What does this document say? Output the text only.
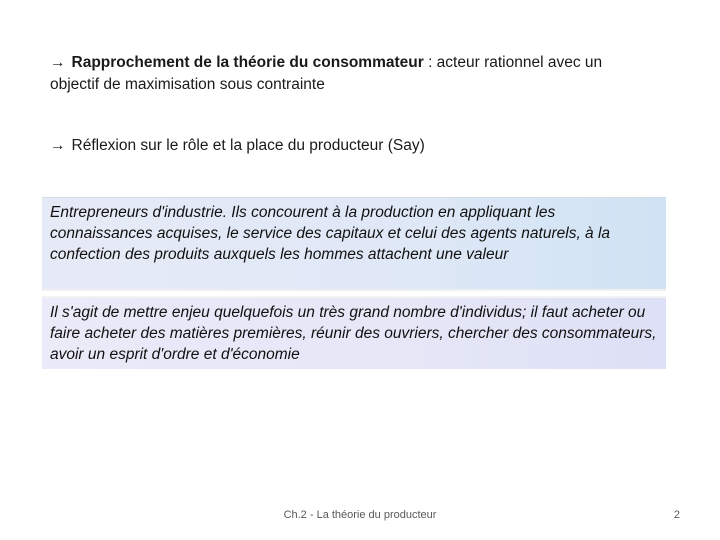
→ Rapprochement de la théorie du consommateur : acteur rationnel avec un objectif de maximisation sous contrainte
→ Réflexion sur le rôle et la place du producteur (Say)
Entrepreneurs d'industrie. Ils concourent à la production en appliquant les connaissances acquises, le service des capitaux et celui des agents naturels, à la confection des produits auxquels les hommes attachent une valeur
Il s'agit de mettre enjeu quelquefois un très grand nombre d'individus; il faut acheter ou faire acheter des matières premières, réunir des ouvriers, chercher des consommateurs, avoir un esprit d'ordre et d'économie
Ch.2 - La théorie du producteur	2
